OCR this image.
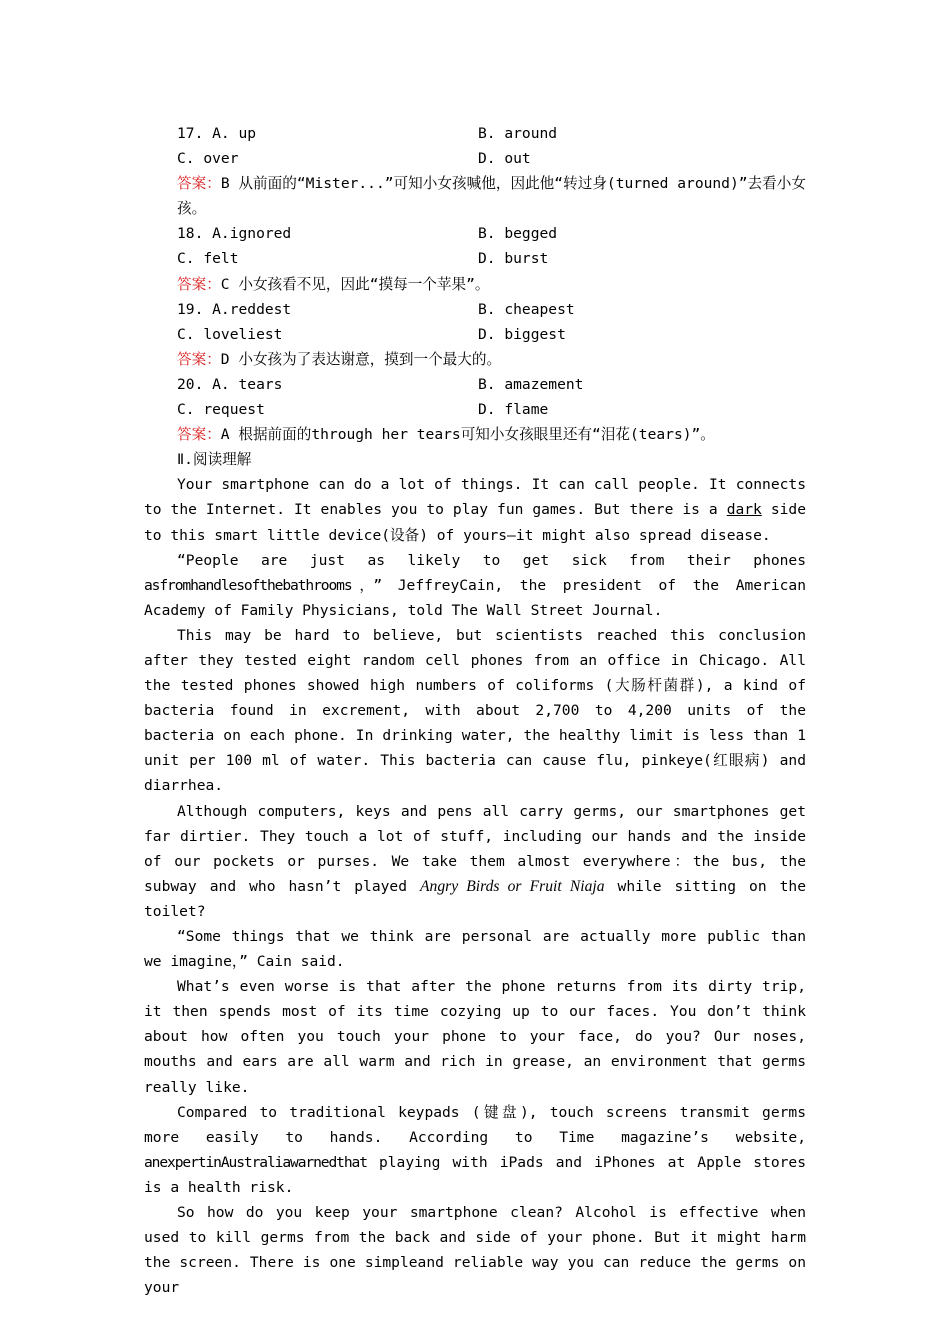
17. A. up	B. around
C. over	D. out
答案：B 从前面的“Mister...”可知小女孩喊他，因此他“转过身(turned around)”去看小女孩。
18. A.ignored	B. begged
C. felt	D. burst
答案：C 小女孩看不见，因此“摸每一个苹果”。
19. A.reddest	B. cheapest
C. loveliest	D. biggest
答案：D 小女孩为了表达谢意，摸到一个最大的。
20. A. tears	B. amazement
C. request	D. flame
答案：A 根据前面的through her tears可知小女孩眼里还有“泪花(tears)”。
Ⅱ.阅读理解
Your smartphone can do a lot of things. It can call people. It connects to the Internet. It enables you to play fun games. But there is a dark side to this smart little device(设备) of yours—it might also spread disease.
“People are just as likely to get sick from their phones asfromhandlesofthebathrooms，” JeffreyCain, the president of the American Academy of Family Physicians, told The Wall Street Journal.
This may be hard to believe, but scientists reached this conclusion after they tested eight random cell phones from an office in Chicago. All the tested phones showed high numbers of coliforms (大肠杆菌群), a kind of bacteria found in excrement, with about 2,700 to 4,200 units of the bacteria on each phone. In drinking water, the healthy limit is less than 1 unit per 100 ml of water. This bacteria can cause flu, pinkeye(红眼病) and diarrhea.
Although computers, keys and pens all carry germs, our smartphones get far dirtier. They touch a lot of stuff, including our hands and the inside of our pockets or purses. We take them almost everywhere：the bus, the subway and who hasn’t played Angry Birds or Fruit Niaja while sitting on the toilet?
“Some things that we think are personal are actually more public than we imagine，” Cain said.
What’s even worse is that after the phone returns from its dirty trip, it then spends most of its time cozying up to our faces. You don’t think about how often you touch your phone to your face, do you? Our noses, mouths and ears are all warm and rich in grease, an environment that germs really like.
Compared to traditional keypads (键盘), touch screens transmit germs more easily to hands. According to Time magazine’s website, anexpertinAustraliawarnedthat playing with iPads and iPhones at Apple stores is a health risk.
So how do you keep your smartphone clean? Alcohol is effective when used to kill germs from the back and side of your phone. But it might harm the screen. There is one simpleand reliable way you can reduce the germs on your
